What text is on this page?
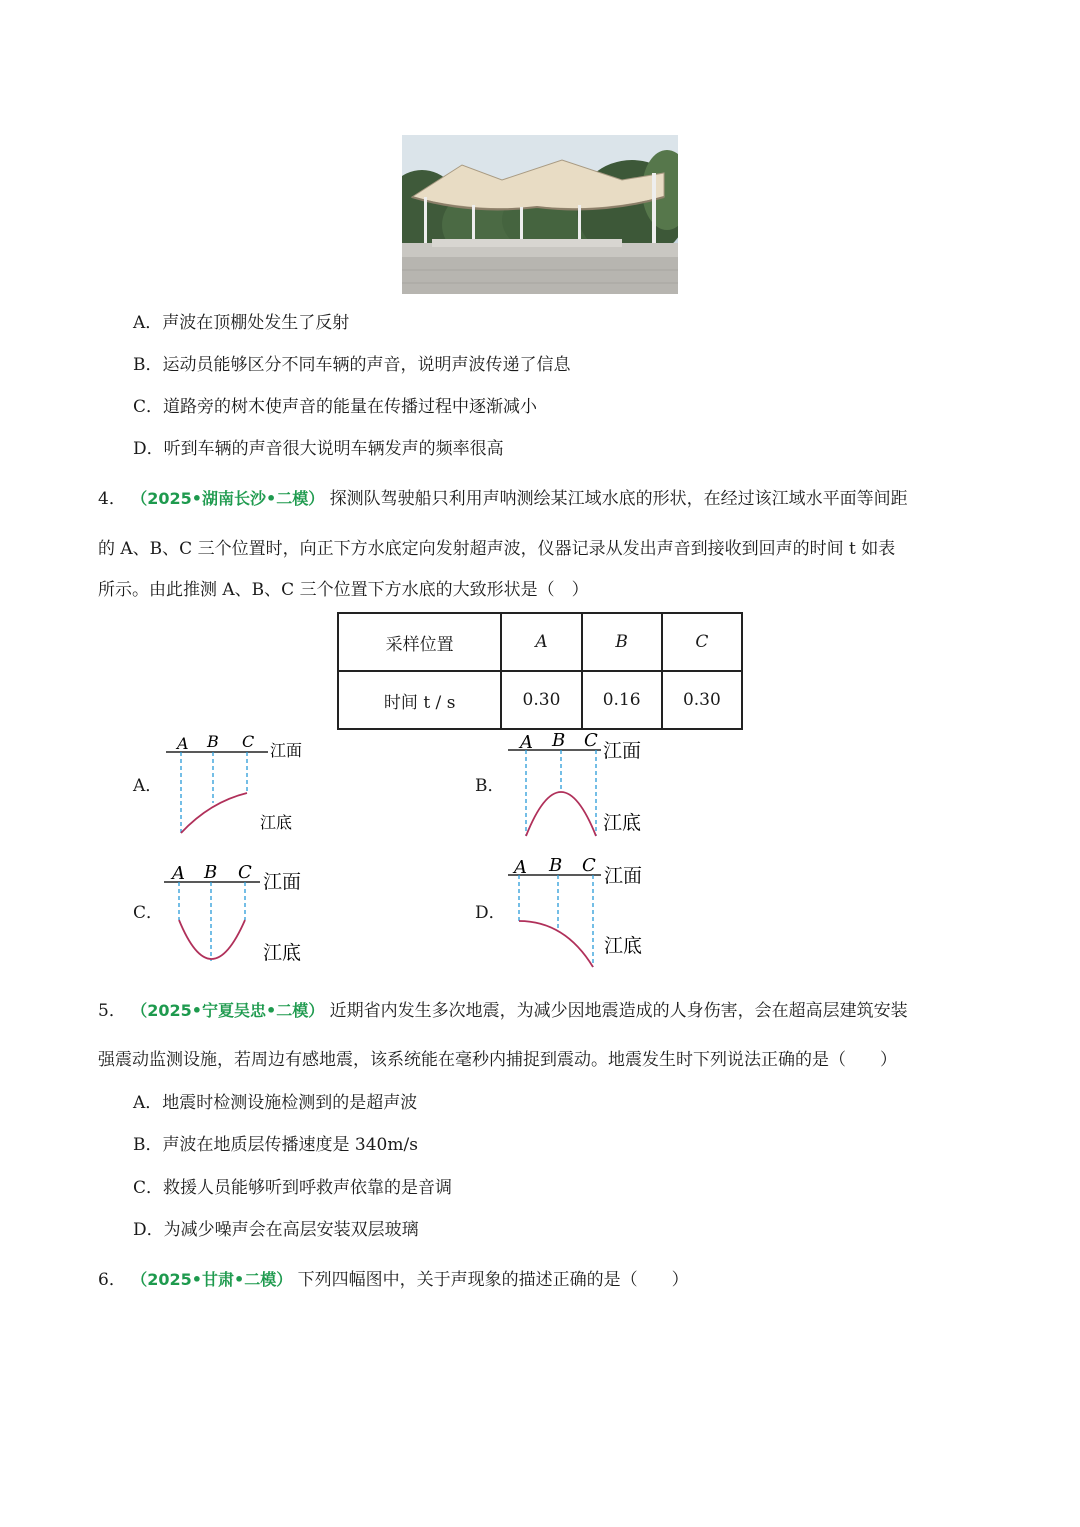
A．声波在顶棚处发生了反射
B．运动员能够区分不同车辆的声音，说明声波传递了信息
C．道路旁的树木使声音的能量在传播过程中逐渐减小
D．听到车辆的声音很大说明车辆发声的频率很高
4． （2025•湖南长沙•二模） 探测队驾驶船只利用声呐测绘某江域水底的形状，在经过该江域水平面等间距
的 A、B、C 三个位置时，向正下方水底定向发射超声波，仪器记录从发出声音到接收到回声的时间 t 如表
所示。由此推测 A、B、C 三个位置下方水底的大致形状是（　）
采样位置	A	B	C
时间 t / s	0.30	0.16	0.30
A．	B．
C．	D．
A B C 江面
江底
A B C 江面
江底
A B C 江面
江底
A B C 江面
江底
5． （2025•宁夏吴忠•二模） 近期省内发生多次地震，为减少因地震造成的人身伤害，会在超高层建筑安装
强震动监测设施，若周边有感地震，该系统能在毫秒内捕捉到震动。地震发生时下列说法正确的是（　　）
A．地震时检测设施检测到的是超声波
B．声波在地质层传播速度是 340m/s
C．救援人员能够听到呼救声依靠的是音调
D．为减少噪声会在高层安装双层玻璃
6． （2025•甘肃•二模） 下列四幅图中，关于声现象的描述正确的是（　　）
